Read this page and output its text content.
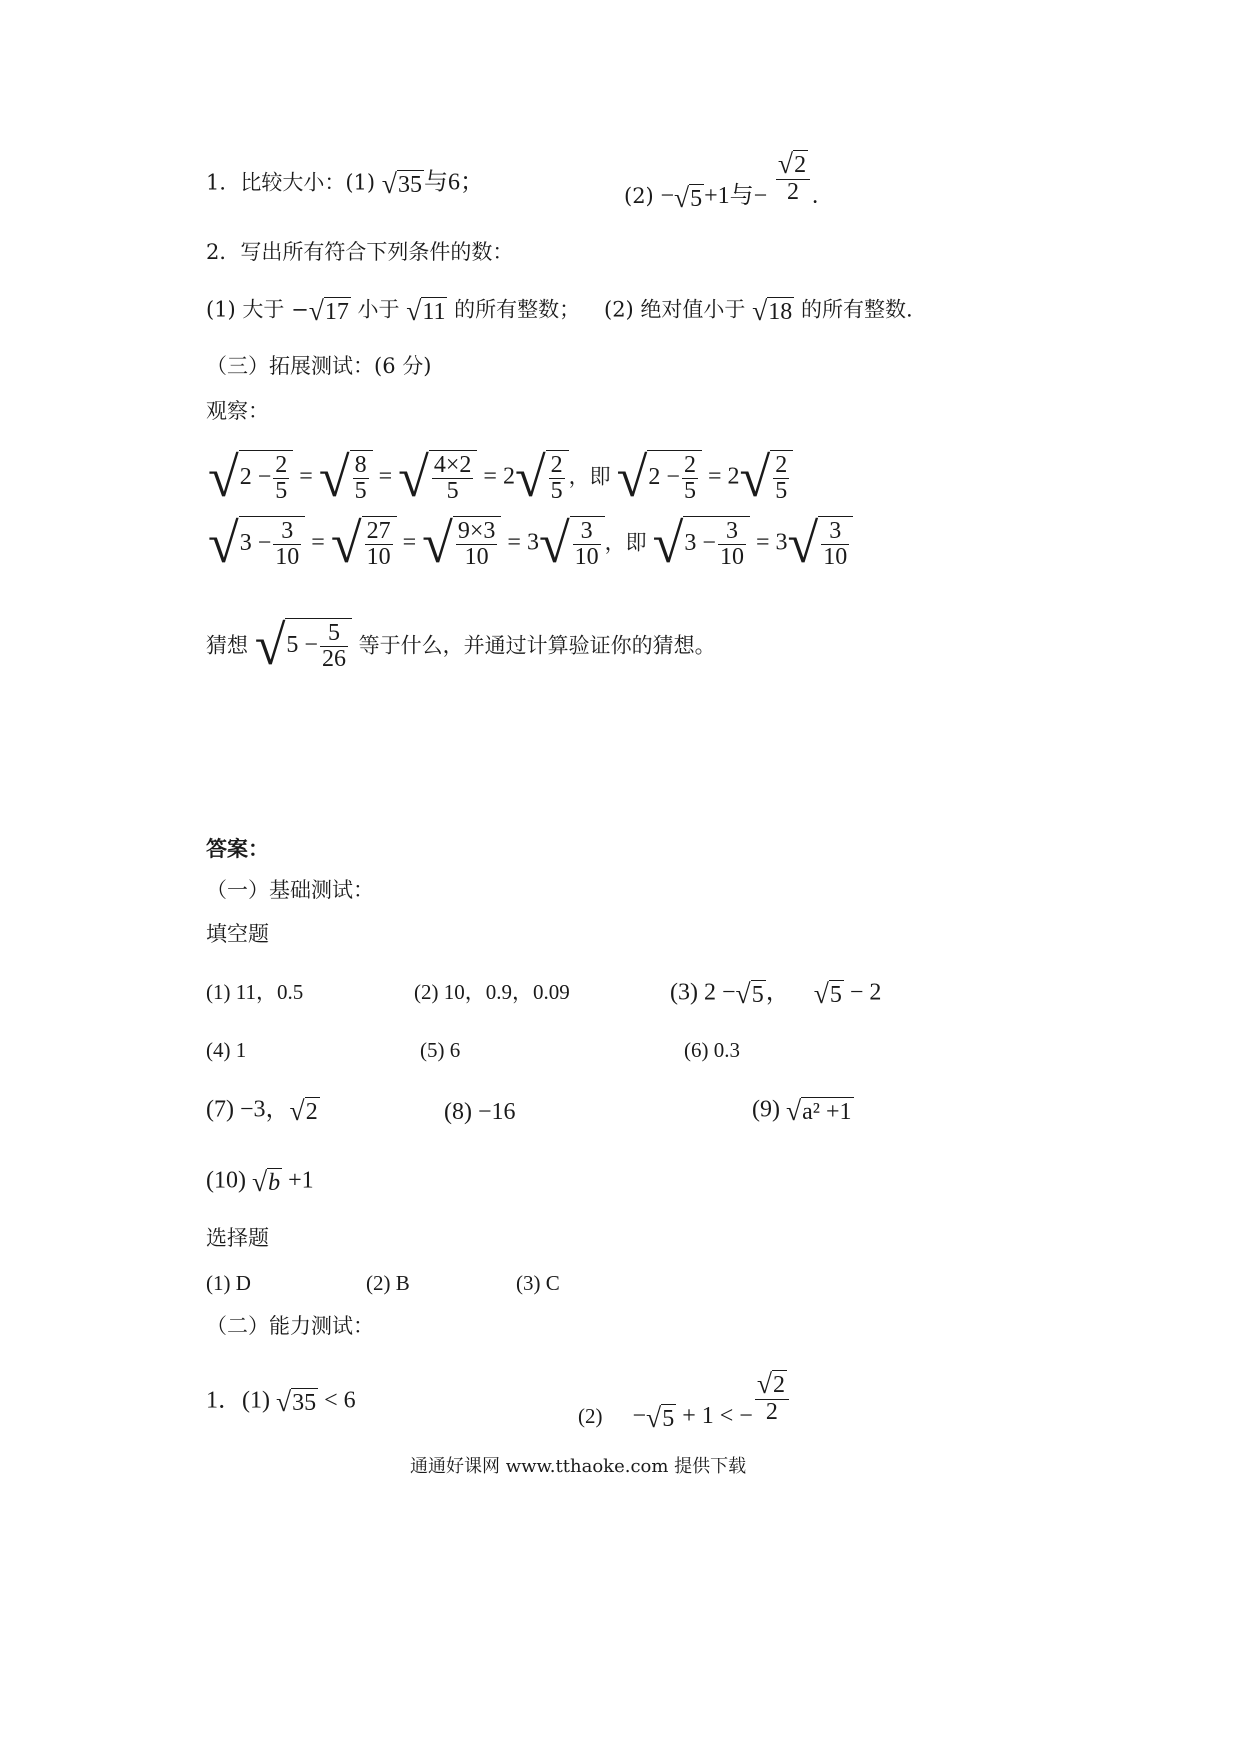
1．比较大小：(1) √35与6；
(2) −√5+1与− $\frac{√2}{2}$ .
2．写出所有符合下列条件的数：
(1) 大于 −√17 小于 √11 的所有整数； (2) 绝对值小于 √18 的所有整数.
（三）拓展测试：(6 分)
观察：
$√2 - \frac{2}{5}$ = √ $\frac{8}{5}$ = √ $\frac{4\times 2}{5} = 2√ \frac{2}{5}$ ，即 $√2 - \frac{2}{5} = 2√ \frac{2}{5}$
$√3 - \frac{3}{10}$ = √ $\frac{27}{10}$ = √ $\frac{9\times 3}{10} = 3√ \frac{3}{10}$ ，即 $√3 - \frac{3}{10} = 3√ \frac{3}{10}$
猜想 $√5 - \frac{5}{26}$ 等于什么，并通过计算验证你的猜想。
答案：
（一）基础测试：
填空题
(1) 11，0.5	(2) 10，0.9，0.09	(3) 2 −√5， √5 − 2
(4) 1	(5) 6	(6) 0.3
(7) −3，√2	(8) −16	(9) √a² +1
(10) √b +1
选择题
(1) D	(2) B	(3) C
（二）能力测试：
1．(1) √35 < 6
(2) −√5 + 1 < − $\frac{√2}{2}$
通通好课网 www.tthaoke.com 提供下载
